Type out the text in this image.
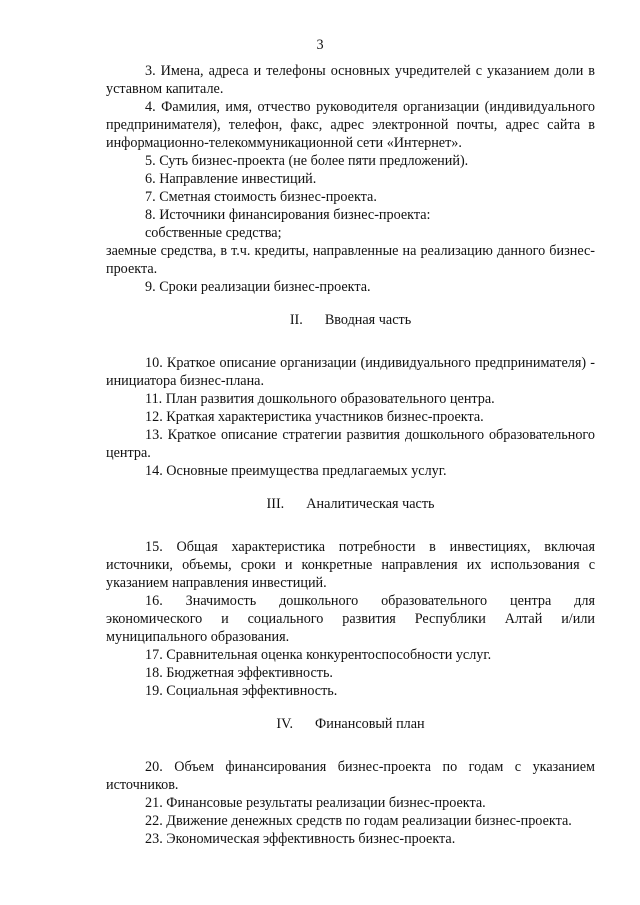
3

3. Имена, адреса и телефоны основных учредителей с указанием доли в уставном капитале.

4. Фамилия, имя, отчество руководителя организации (индивидуального предпринимателя), телефон, факс, адрес электронной почты, адрес сайта в информационно-телекоммуникационной сети «Интернет».

5. Суть бизнес-проекта (не более пяти предложений).

6. Направление инвестиций.

7. Сметная стоимость бизнес-проекта.

8. Источники финансирования бизнес-проекта:

собственные средства;

заемные средства, в т.ч. кредиты, направленные на реализацию данного бизнес-проекта.

9. Сроки реализации бизнес-проекта.

II. Вводная часть

10. Краткое описание организации (индивидуального предпринимателя) - инициатора бизнес-плана.

11. План развития дошкольного образовательного центра.

12. Краткая характеристика участников бизнес-проекта.

13. Краткое описание стратегии развития дошкольного образовательного центра.

14. Основные преимущества предлагаемых услуг.

III. Аналитическая часть

15. Общая характеристика потребности в инвестициях, включая источники, объемы, сроки и конкретные направления их использования с указанием направления инвестиций.

16. Значимость дошкольного образовательного центра для экономического и социального развития Республики Алтай и/или муниципального образования.

17. Сравнительная оценка конкурентоспособности услуг.

18. Бюджетная эффективность.

19. Социальная эффективность.

IV. Финансовый план

20. Объем финансирования бизнес-проекта по годам с указанием источников.

21. Финансовые результаты реализации бизнес-проекта.

22. Движение денежных средств по годам реализации бизнес-проекта.

23. Экономическая эффективность бизнес-проекта.
